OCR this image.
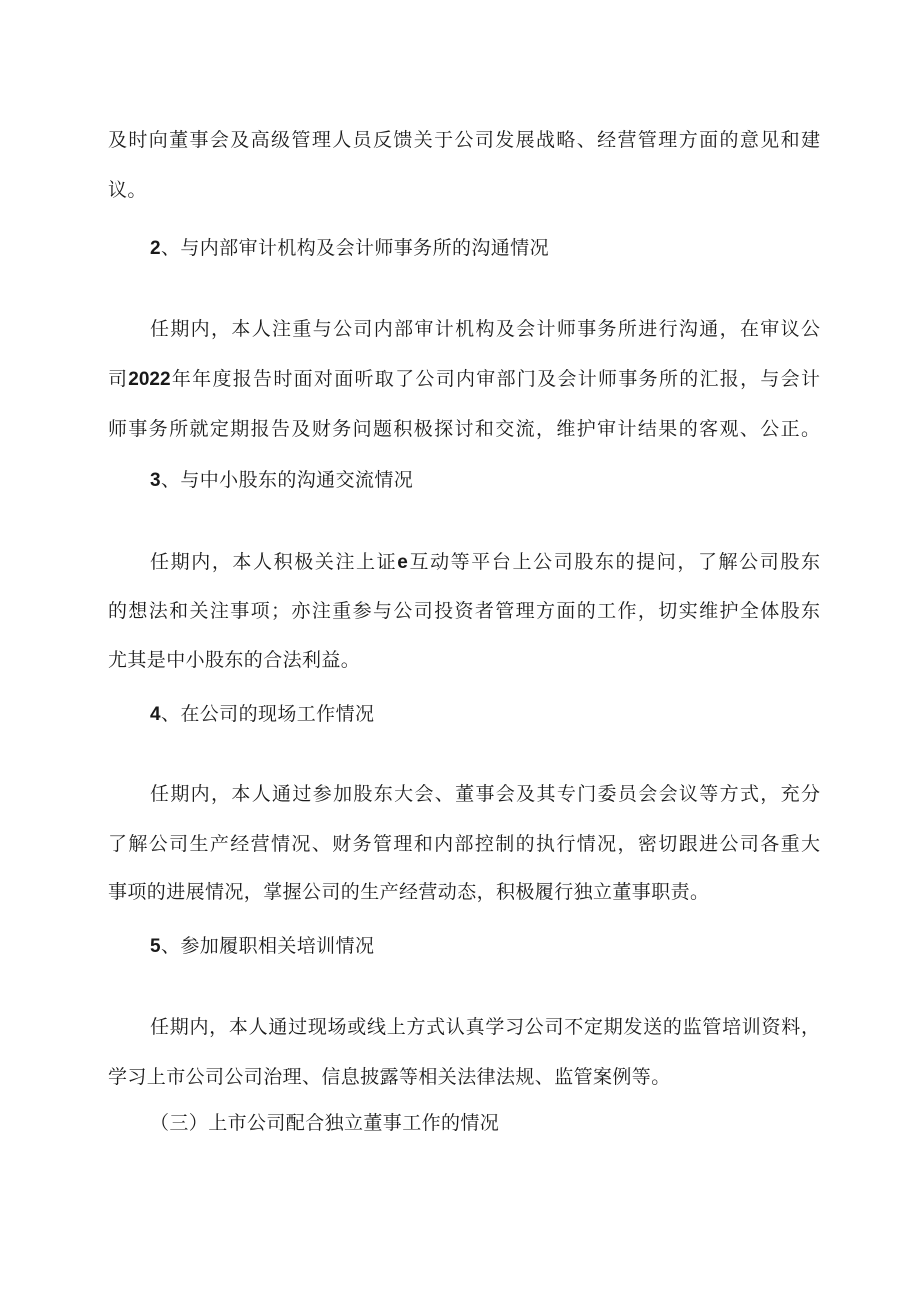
及时向董事会及高级管理人员反馈关于公司发展战略、经营管理方面的意见和建
议。
2、与内部审计机构及会计师事务所的沟通情况
任期内，本人注重与公司内部审计机构及会计师事务所进行沟通，在审议公
司2022年年度报告时面对面听取了公司内审部门及会计师事务所的汇报，与会计
师事务所就定期报告及财务问题积极探讨和交流，维护审计结果的客观、公正。
3、与中小股东的沟通交流情况
任期内，本人积极关注上证e互动等平台上公司股东的提问，了解公司股东
的想法和关注事项；亦注重参与公司投资者管理方面的工作，切实维护全体股东
尤其是中小股东的合法利益。
4、在公司的现场工作情况
任期内，本人通过参加股东大会、董事会及其专门委员会会议等方式，充分
了解公司生产经营情况、财务管理和内部控制的执行情况，密切跟进公司各重大
事项的进展情况，掌握公司的生产经营动态，积极履行独立董事职责。
5、参加履职相关培训情况
任期内，本人通过现场或线上方式认真学习公司不定期发送的监管培训资料，
学习上市公司公司治理、信息披露等相关法律法规、监管案例等。
（三）上市公司配合独立董事工作的情况
